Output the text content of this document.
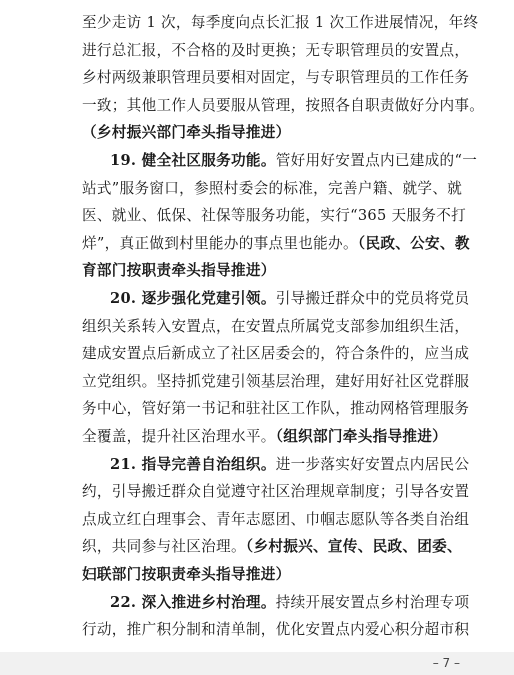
至少走访 1 次，每季度向点长汇报 1 次工作进展情况，年终
进行总汇报，不合格的及时更换；无专职管理员的安置点，
乡村两级兼职管理员要相对固定，与专职管理员的工作任务
一致；其他工作人员要服从管理，按照各自职责做好分内事。
（乡村振兴部门牵头指导推进）
19. 健全社区服务功能。管好用好安置点内已建成的“一
站式”服务窗口，参照村委会的标准，完善户籍、就学、就
医、就业、低保、社保等服务功能，实行“365 天服务不打
烊”，真正做到村里能办的事点里也能办。（民政、公安、教
育部门按职责牵头指导推进）
20. 逐步强化党建引领。引导搬迁群众中的党员将党员
组织关系转入安置点，在安置点所属党支部参加组织生活，
建成安置点后新成立了社区居委会的，符合条件的，应当成
立党组织。坚持抓党建引领基层治理，建好用好社区党群服
务中心，管好第一书记和驻社区工作队，推动网格管理服务
全覆盖，提升社区治理水平。（组织部门牵头指导推进）
21. 指导完善自治组织。进一步落实好安置点内居民公
约，引导搬迁群众自觉遵守社区治理规章制度；引导各安置
点成立红白理事会、青年志愿团、巾帼志愿队等各类自治组
织，共同参与社区治理。（乡村振兴、宣传、民政、团委、
妇联部门按职责牵头指导推进）
22. 深入推进乡村治理。持续开展安置点乡村治理专项
行动，推广积分制和清单制，优化安置点内爱心积分超市积
– 7 –
